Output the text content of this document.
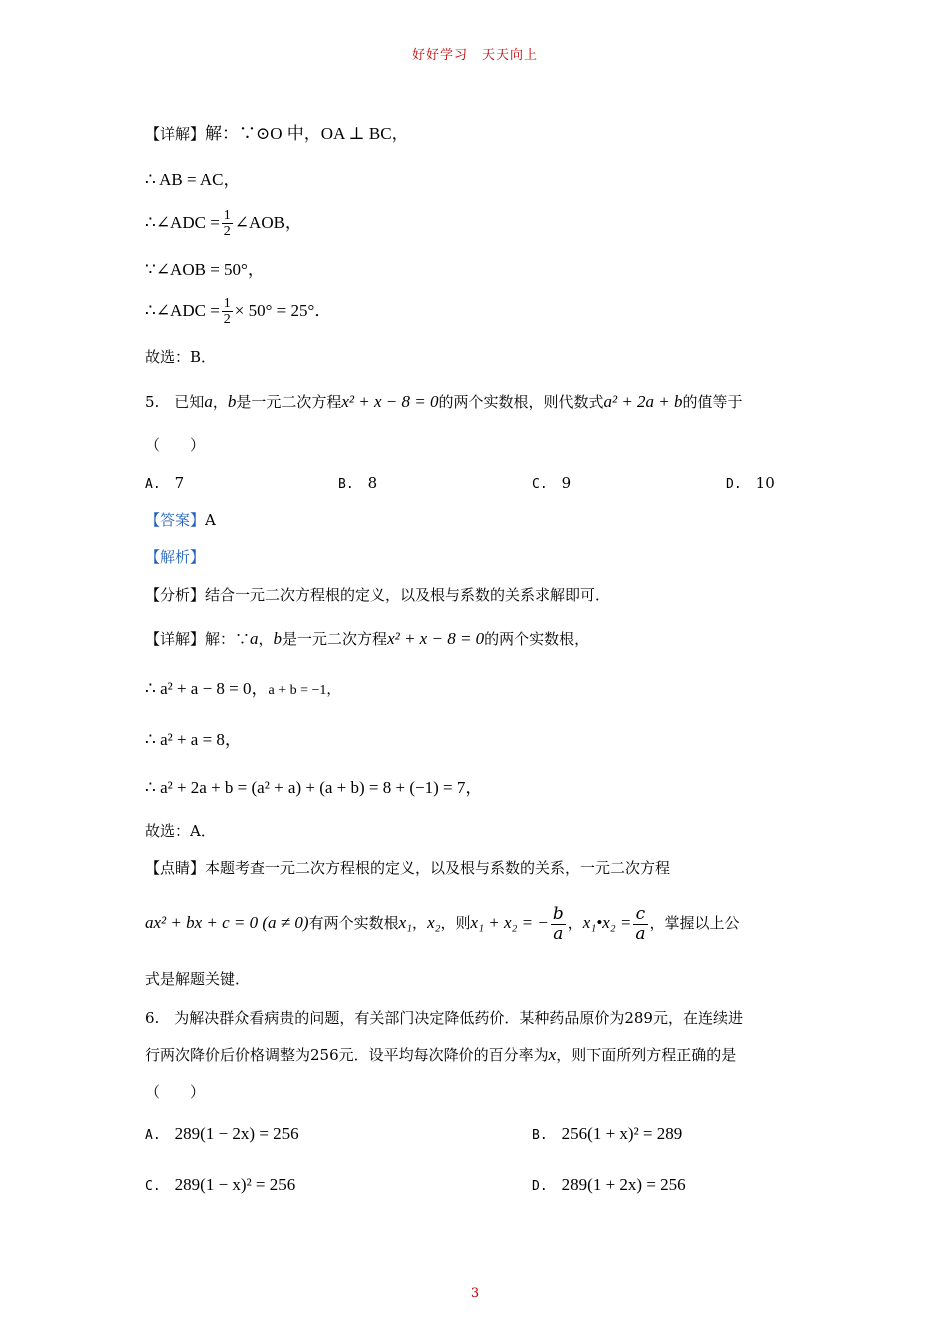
好好学习　天天向上
【详解】解：∵⊙O 中，OA ⊥ BC，
∴ AB = AC，
∴∠ADC = $\frac{1}{2}$ ∠AOB，
∵∠AOB = 50°，
∴∠ADC = $\frac{1}{2} \times 50^\circ = 25^\circ$．
故选：B．
5.　已知a，b是一元二次方程x² + x − 8 = 0的两个实数根，则代数式a² + 2a + b的值等于
（　　）
A. 7	B. 8	C. 9	D. 10
【答案】A
【解析】
【分析】结合一元二次方程根的定义，以及根与系数的关系求解即可．
【详解】解：∵a，b是一元二次方程x² + x − 8 = 0的两个实数根，
∴ a² + a − 8 = 0，a + b = −1，
∴ a² + a = 8，
∴ a² + 2a + b = (a² + a) + (a + b) = 8 + (−1) = 7，
故选：A．
【点睛】本题考查一元二次方程根的定义，以及根与系数的关系，一元二次方程
ax² + bx + c = 0 (a ≠ 0)有两个实数根x₁，x₂，则x₁ + x₂ = − $\frac{b}{a}$ ，x₁•x₂ = $\frac{c}{a}$ ，掌握以上公
式是解题关键．
6.　为解决群众看病贵的问题，有关部门决定降低药价．某种药品原价为289元，在连续进
行两次降价后价格调整为256元．设平均每次降价的百分率为x，则下面所列方程正确的是
（　　）
A. 289(1 − 2x) = 256	B. 256(1 + x)² = 289
C. 289(1 − x)² = 256	D. 289(1 + 2x) = 256
3
